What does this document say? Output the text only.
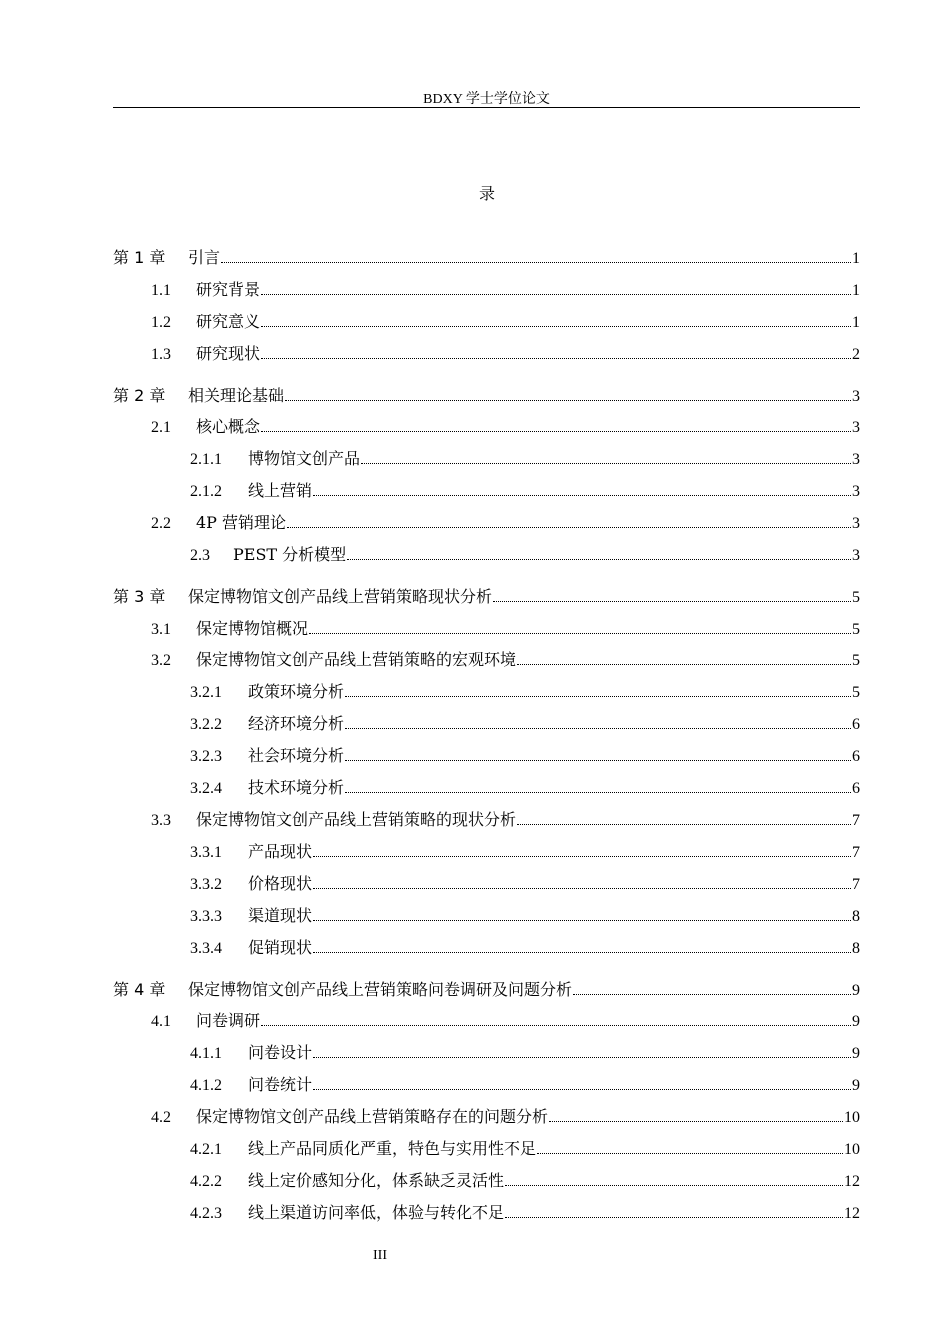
BDXY 学士学位论文
录
第 1 章	引言	1
1.1	研究背景	1
1.2	研究意义	1
1.3	研究现状	2
第 2 章	相关理论基础	3
2.1	核心概念	3
2.1.1	博物馆文创产品	3
2.1.2	线上营销	3
2.2	4P 营销理论	3
2.3	PEST 分析模型	3
第 3 章	保定博物馆文创产品线上营销策略现状分析	5
3.1	保定博物馆概况	5
3.2	保定博物馆文创产品线上营销策略的宏观环境	5
3.2.1	政策环境分析	5
3.2.2	经济环境分析	6
3.2.3	社会环境分析	6
3.2.4	技术环境分析	6
3.3	保定博物馆文创产品线上营销策略的现状分析	7
3.3.1	产品现状	7
3.3.2	价格现状	7
3.3.3	渠道现状	8
3.3.4	促销现状	8
第 4 章	保定博物馆文创产品线上营销策略问卷调研及问题分析	9
4.1	问卷调研	9
4.1.1	问卷设计	9
4.1.2	问卷统计	9
4.2	保定博物馆文创产品线上营销策略存在的问题分析	10
4.2.1	线上产品同质化严重，特色与实用性不足	10
4.2.2	线上定价感知分化，体系缺乏灵活性	12
4.2.3	线上渠道访问率低，体验与转化不足	12
III
